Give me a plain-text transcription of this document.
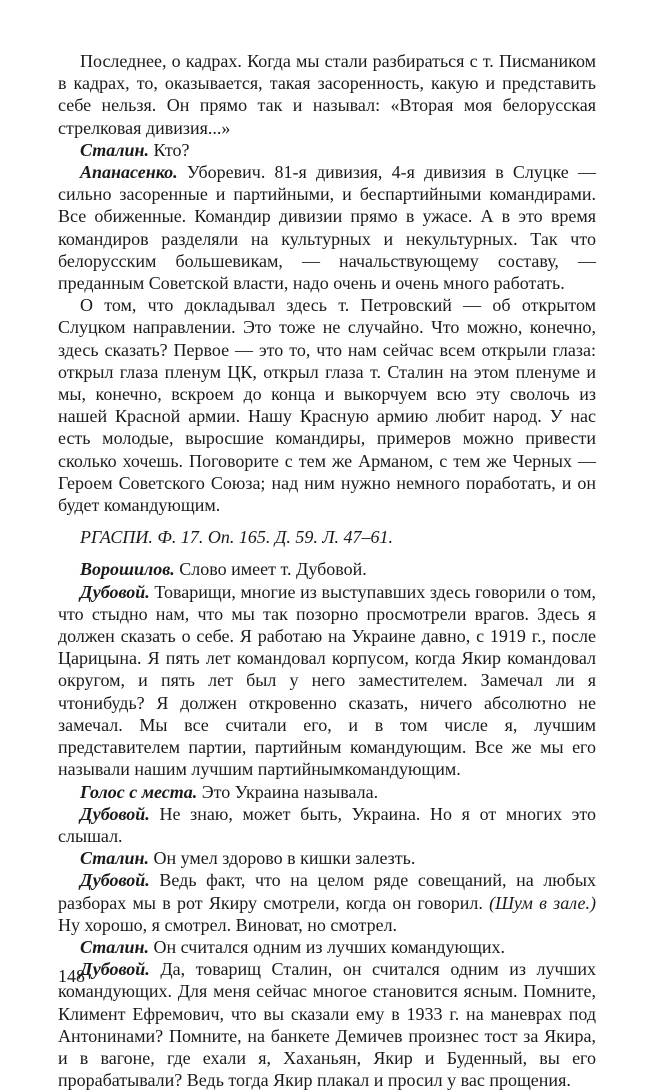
Последнее, о кадрах. Когда мы стали разбираться с т. Писмаником в кадрах, то, оказывается, такая засоренность, какую и представить себе нельзя. Он прямо так и называл: «Вторая моя белорусская стрелковая дивизия...»

Сталин. Кто?

Апанасенко. Уборевич. 81-я дивизия, 4-я дивизия в Слуцке — сильно засоренные и партийными, и беспартийными командирами. Все обиженные. Командир дивизии прямо в ужасе. А в это время командиров разделяли на культурных и некультурных. Так что белорусским большевикам, — начальствующему составу, — преданным Советской власти, надо очень и очень много работать.

О том, что докладывал здесь т. Петровский — об открытом Слуцком направлении. Это тоже не случайно. Что можно, конечно, здесь сказать? Первое — это то, что нам сейчас всем открыли глаза: открыл глаза пленум ЦК, открыл глаза т. Сталин на этом пленуме и мы, конечно, вскроем до конца и выкорчуем всю эту сволочь из нашей Красной армии. Нашу Красную армию любит народ. У нас есть молодые, выросшие командиры, примеров можно привести сколько хочешь. Поговорите с тем же Арманом, с тем же Черных — Героем Советского Союза; над ним нужно немного поработать, и он будет командующим.

РГАСПИ. Ф. 17. Оп. 165. Д. 59. Л. 47–61.

Ворошилов. Слово имеет т. Дубовой.

Дубовой. Товарищи, многие из выступавших здесь говорили о том, что стыдно нам, что мы так позорно просмотрели врагов. Здесь я должен сказать о себе. Я работаю на Украине давно, с 1919 г., после Царицына. Я пять лет командовал корпусом, когда Якир командовал округом, и пять лет был у него заместителем. Замечал ли я чтонибудь? Я должен откровенно сказать, ничего абсолютно не замечал. Мы все считали его, и в том числе я, лучшим представителем партии, партийным командующим. Все же мы его называли нашим лучшим партийнымкомандующим.

Голос с места. Это Украина называла.

Дубовой. Не знаю, может быть, Украина. Но я от многих это слышал.

Сталин. Он умел здорово в кишки залезть.

Дубовой. Ведь факт, что на целом ряде совещаний, на любых разборах мы в рот Якиру смотрели, когда он говорил. (Шум в зале.) Ну хорошо, я смотрел. Виноват, но смотрел.

Сталин. Он считался одним из лучших командующих.

Дубовой. Да, товарищ Сталин, он считался одним из лучших командующих. Для меня сейчас многое становится ясным. Помните, Климент Ефремович, что вы сказали ему в 1933 г. на маневрах под Антонинами? Помните, на банкете Демичев произнес тост за Якира, и в вагоне, где ехали я, Хаханьян, Якир и Буденный, вы его прорабатывали? Ведь тогда Якир плакал и просил у вас прощения.

148
